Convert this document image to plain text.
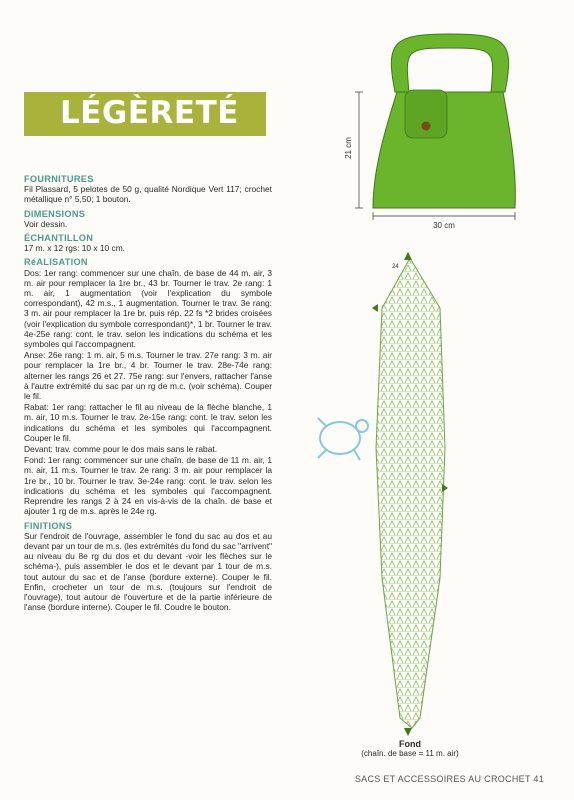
LÉGÈRETÉ
FOURNITURES

Fil Plassard, 5 pelotes de 50 g, qualité Nordique Vert 117; crochet métallique n° 5,50; 1 bouton.

DIMENSIONS

Voir dessin.

ÉCHANTILLON

17 m. x 12 rgs: 10 x 10 cm.

RéALISATION

Dos: 1er rang: commencer sur une chaîn. de base de 44 m. air, 3 m. air pour remplacer la 1re br., 43 br. Tourner le trav. 2e rang: 1 m. air, 1 augmentation (voir l'explication du symbole correspondant), 42 m.s., 1 augmentation. Tourner le trav. 3e rang: 3 m. air pour remplacer la 1re br. puis rép. 22 fs *2 brides croisées (voir l'explication du symbole correspondant)*, 1 br. Tourner le trav. 4e-25e rang: cont. le trav. selon les indications du schéma et les symboles qui l'accompagnent.

Anse: 26e rang: 1 m. air, 5 m.s. Tourner le trav. 27e rang: 3 m. air pour remplacer la 1re br., 4 br. Tourner le trav. 28e-74e rang: alterner les rangs 26 et 27. 75e rang: sur l'envers, rattacher l'anse à l'autre extrémité du sac par un rg de m.c. (voir schéma). Couper le fil.

Rabat: 1er rang: rattacher le fil au niveau de la flèche blanche, 1 m. air, 10 m.s. Tourner le trav. 2e-15e rang: cont. le trav. selon les indications du schéma et les symboles qui l'accompagnent. Couper le fil.

Devant: trav. comme pour le dos mais sans le rabat.

Fond: 1er rang: commencer sur une chaîn. de base de 11 m. air, 1 m. air, 11 m.s. Tourner le trav. 2e rang: 3 m. air pour remplacer la 1re br., 10 br. Tourner le trav. 3e-24e rang: cont. le trav. selon les indications du schéma et les symboles qui l'accompagnent. Reprendre les rangs 2 à 24 en vis-à-vis de la chaîn. de base et ajouter 1 rg de m.s. après le 24e rg.

FINITIONS

Sur l'endroit de l'ouvrage, assembler le fond du sac au dos et au devant par un tour de m.s. (les extrémités du fond du sac "arrivent" au niveau du 8e rg du dos et du devant -voir les flèches sur le schéma-), puis assembler le dos et le devant par 1 tour de m.s. tout autour du sac et de l'anse (bordure externe). Couper le fil. Enfin, crocheter un tour de m.s. (toujours sur l'endroit de l'ouvrage), tout autour de l'ouverture et de la partie inférieure de l'anse (bordure interne). Couper le fil. Coudre le bouton.

21 cm
30 cm
24
Fond
(chaîn. de base = 11 m. air)
SACS ET ACCESSOIRES AU CROCHET 41
